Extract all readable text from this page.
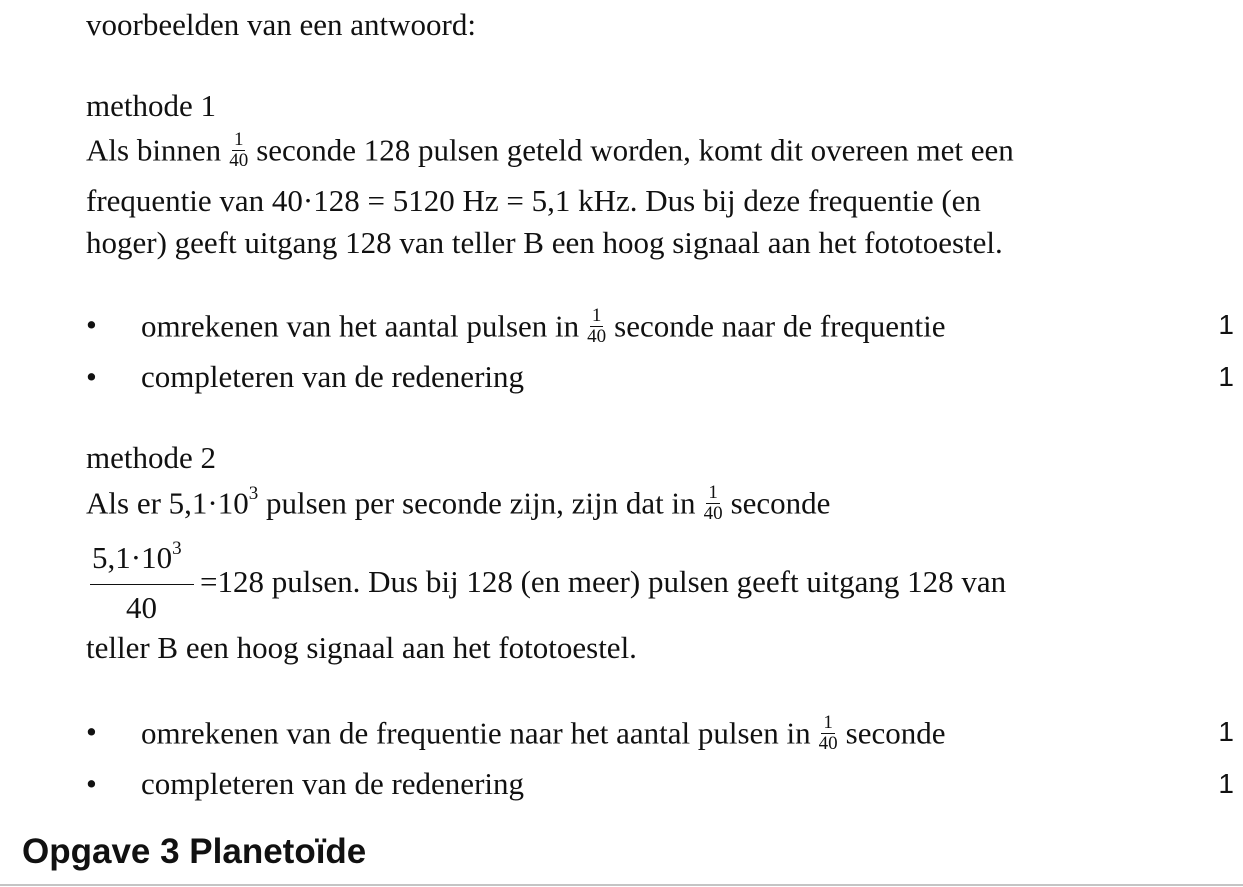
voorbeelden van een antwoord:
methode 1
Als binnen $\frac{1}{40}$ seconde 128 pulsen geteld worden, komt dit overeen met een
frequentie van 40·128 = 5120 Hz = 5,1 kHz. Dus bij deze frequentie (en
hoger) geeft uitgang 128 van teller B een hoog signaal aan het fototoestel.
• omrekenen van het aantal pulsen in $\frac{1}{40}$ seconde naar de frequentie	1
• completeren van de redenering	1
methode 2
Als er $5,1\cdot 10^3$ pulsen per seconde zijn, zijn dat in $\frac{1}{40}$ seconde
$5,1\cdot 10^3$
40
=128 pulsen. Dus bij 128 (en meer) pulsen geeft uitgang 128 van
teller B een hoog signaal aan het fototoestel.
• omrekenen van de frequentie naar het aantal pulsen in $\frac{1}{40}$ seconde	1
• completeren van de redenering	1
Opgave 3 Planetoïde
